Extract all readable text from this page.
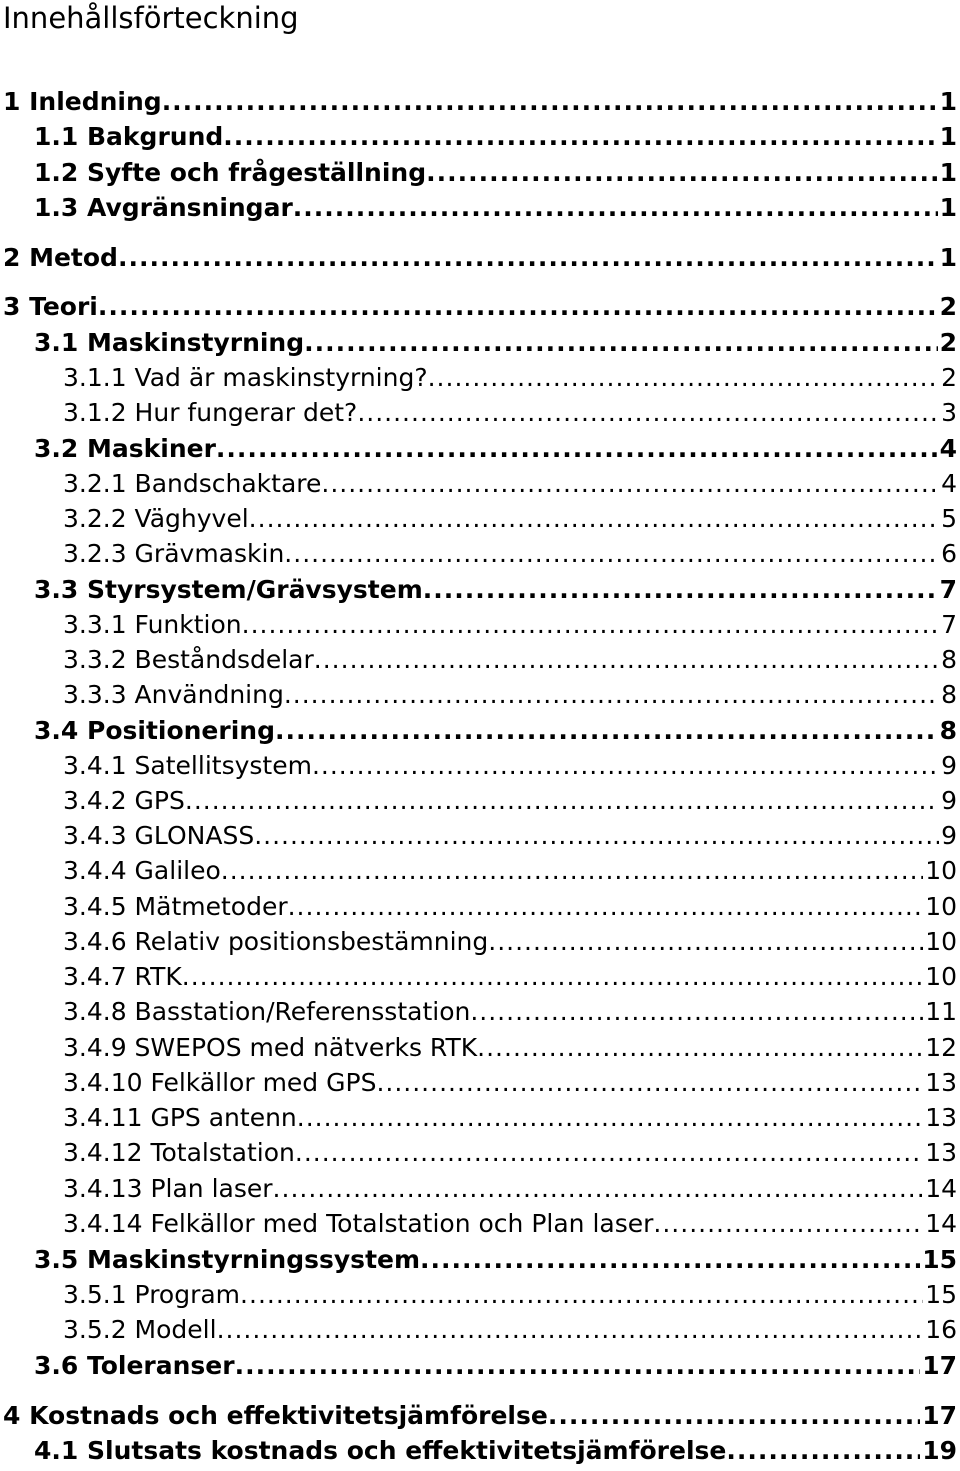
Innehållsförteckning
1 Inledning .....	1
1.1 Bakgrund .....	1
1.2 Syfte och frågeställning .....	1
1.3 Avgränsningar .....	1
2 Metod .....	1
3 Teori .....	2
3.1 Maskinstyrning .....	2
3.1.1 Vad är maskinstyrning? .....	2
3.1.2 Hur fungerar det? .....	3
3.2 Maskiner .....	4
3.2.1 Bandschaktare .....	4
3.2.2 Väghyvel .....	5
3.2.3 Grävmaskin .....	6
3.3 Styrsystem/Grävsystem .....	7
3.3.1 Funktion .....	7
3.3.2 Beståndsdelar .....	8
3.3.3 Användning .....	8
3.4 Positionering .....	8
3.4.1 Satellitsystem .....	9
3.4.2 GPS .....	9
3.4.3 GLONASS .....	9
3.4.4 Galileo .....	10
3.4.5 Mätmetoder .....	10
3.4.6 Relativ positionsbestämning .....	10
3.4.7 RTK .....	10
3.4.8 Basstation/Referensstation .....	11
3.4.9 SWEPOS med nätverks RTK .....	12
3.4.10 Felkällor med GPS .....	13
3.4.11 GPS antenn .....	13
3.4.12 Totalstation .....	13
3.4.13 Plan laser .....	14
3.4.14 Felkällor med Totalstation och Plan laser .....	14
3.5 Maskinstyrningssystem .....	15
3.5.1 Program .....	15
3.5.2 Modell .....	16
3.6 Toleranser .....	17
4 Kostnads och effektivitetsjämförelse .....	17
4.1 Slutsats kostnads och effektivitetsjämförelse .....	19
